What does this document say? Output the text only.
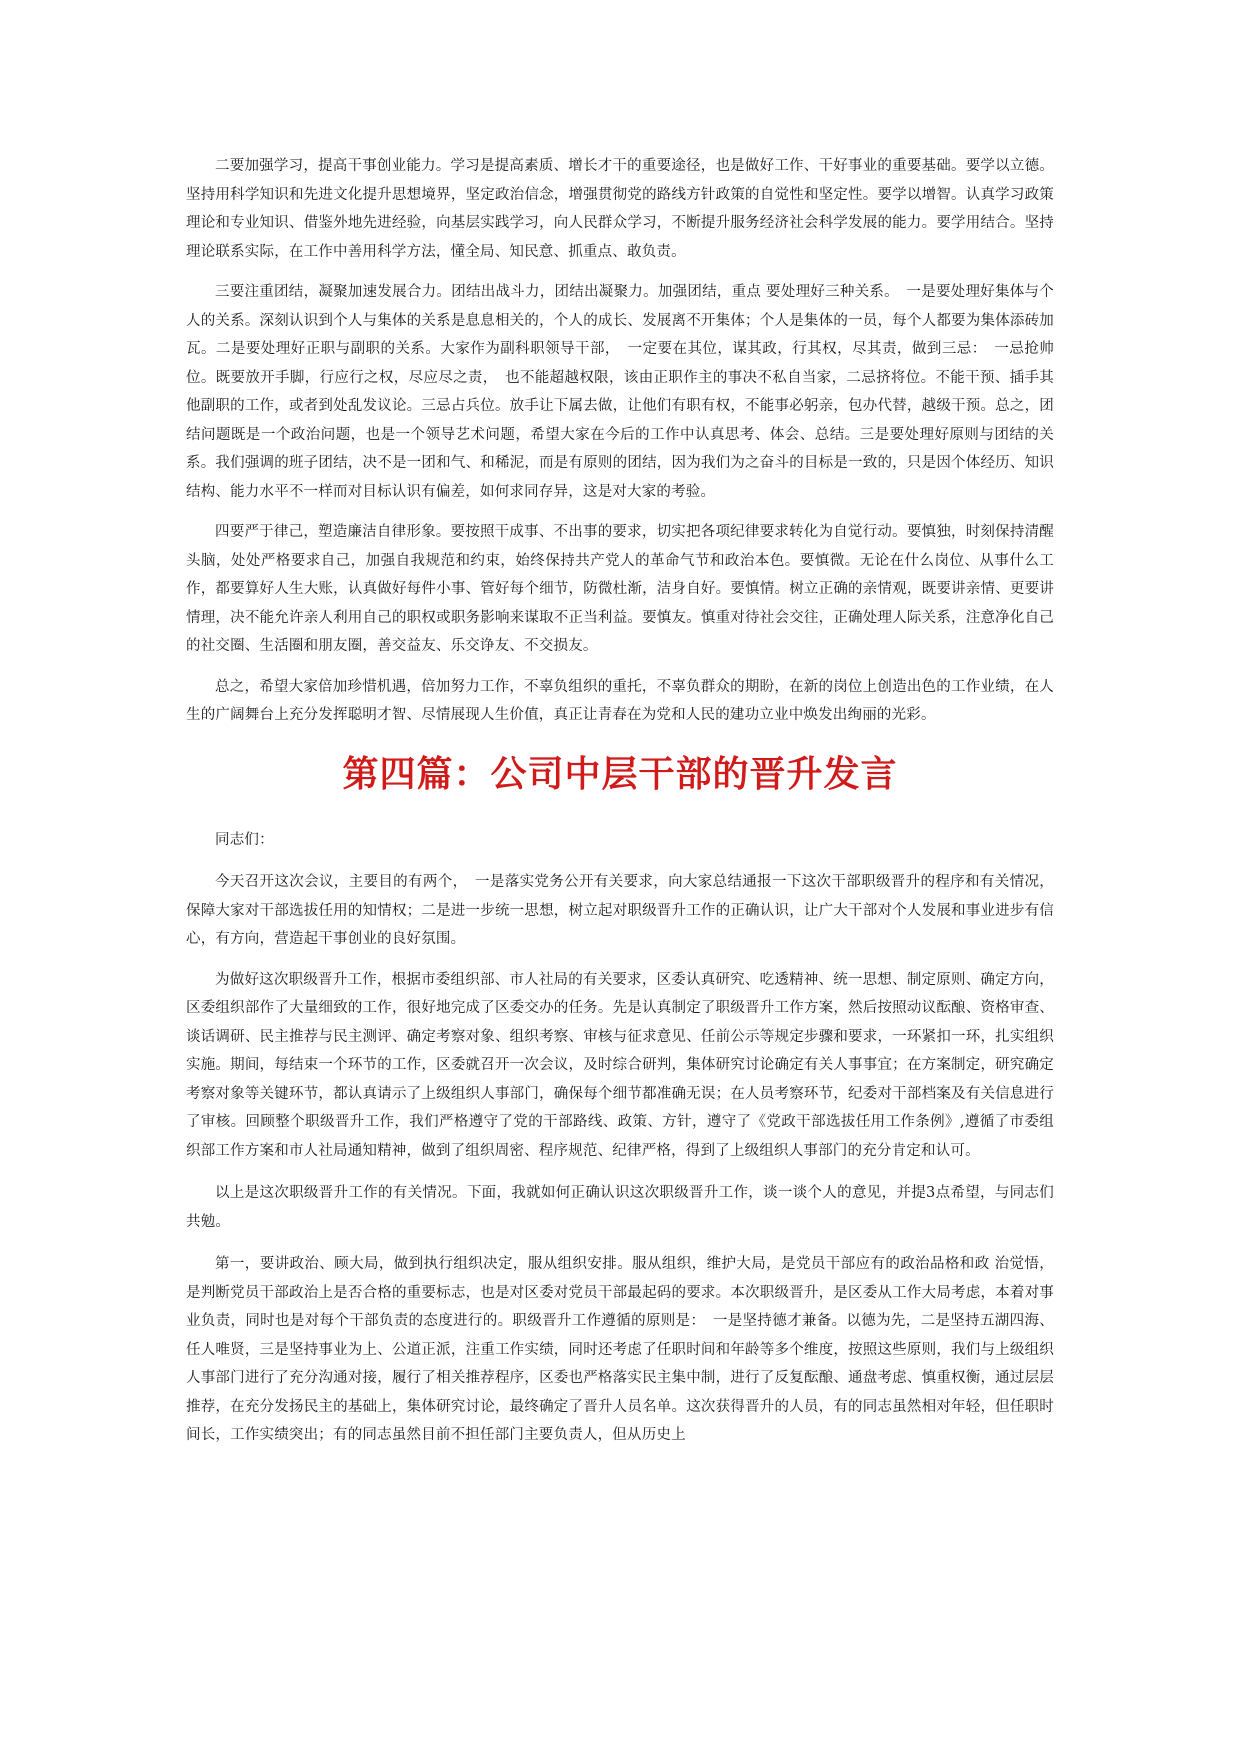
二要加强学习，提高干事创业能力。学习是提高素质、增长才干的重要途径，也是做好工作、干好事业的重要基础。要学以立德。坚持用科学知识和先进文化提升思想境界，坚定政治信念，增强贯彻党的路线方针政策的自觉性和坚定性。要学以增智。认真学习政策理论和专业知识、借鉴外地先进经验，向基层实践学习，向人民群众学习，不断提升服务经济社会科学发展的能力。要学用结合。坚持理论联系实际，在工作中善用科学方法，懂全局、知民意、抓重点、敢负责。

三要注重团结，凝聚加速发展合力。团结出战斗力，团结出凝聚力。加强团结，重点 要处理好三种关系。　一是要处理好集体与个人的关系。深刻认识到个人与集体的关系是息息相关的，个人的成长、发展离不开集体；个人是集体的一员，每个人都要为集体添砖加瓦。二是要处理好正职与副职的关系。大家作为副科职领导干部，　一定要在其位，谋其政，行其权，尽其责，做到三忌：　一忌抢帅位。既要放开手脚，行应行之权，尽应尽之责，　也不能超越权限，该由正职作主的事决不私自当家，二忌挤将位。不能干预、插手其他副职的工作，或者到处乱发议论。三忌占兵位。放手让下属去做，让他们有职有权，不能事必躬亲，包办代替，越级干预。总之，团结问题既是一个政治问题，也是一个领导艺术问题，希望大家在今后的工作中认真思考、体会、总结。三是要处理好原则与团结的关系。我们强调的班子团结，决不是一团和气、和稀泥，而是有原则的团结，因为我们为之奋斗的目标是一致的，只是因个体经历、知识结构、能力水平不一样而对目标认识有偏差，如何求同存异，这是对大家的考验。

四要严于律己，塑造廉洁自律形象。要按照干成事、不出事的要求，切实把各项纪律要求转化为自觉行动。要慎独，时刻保持清醒头脑，处处严格要求自己，加强自我规范和约束，始终保持共产党人的革命气节和政治本色。要慎微。无论在什么岗位、从事什么工作，都要算好人生大账，认真做好每件小事、管好每个细节，防微杜渐，洁身自好。要慎情。树立正确的亲情观，既要讲亲情、更要讲情理，决不能允许亲人利用自己的职权或职务影响来谋取不正当利益。要慎友。慎重对待社会交往，正确处理人际关系，注意净化自己的社交圈、生活圈和朋友圈，善交益友、乐交诤友、不交损友。

总之，希望大家倍加珍惜机遇，倍加努力工作，不辜负组织的重托，不辜负群众的期盼，在新的岗位上创造出色的工作业绩，在人生的广阔舞台上充分发挥聪明才智、尽情展现人生价值，真正让青春在为党和人民的建功立业中焕发出绚丽的光彩。

第四篇：公司中层干部的晋升发言

同志们：

今天召开这次会议，主要目的有两个，　一是落实党务公开有关要求，向大家总结通报一下这次干部职级晋升的程序和有关情况，保障大家对干部选拔任用的知情权；二是进一步统一思想，树立起对职级晋升工作的正确认识，让广大干部对个人发展和事业进步有信心，有方向，营造起干事创业的良好氛围。

为做好这次职级晋升工作，根据市委组织部、市人社局的有关要求，区委认真研究、吃透精神、统一思想、制定原则、确定方向，区委组织部作了大量细致的工作，很好地完成了区委交办的任务。先是认真制定了职级晋升工作方案，然后按照动议酝酿、资格审查、谈话调研、民主推荐与民主测评、确定考察对象、组织考察、审核与征求意见、任前公示等规定步骤和要求，一环紧扣一环，扎实组织实施。期间，每结束一个环节的工作，区委就召开一次会议，及时综合研判，集体研究讨论确定有关人事事宜；在方案制定，研究确定考察对象等关键环节，都认真请示了上级组织人事部门，确保每个细节都准确无误；在人员考察环节，纪委对干部档案及有关信息进行了审核。回顾整个职级晋升工作，我们严格遵守了党的干部路线、政策、方针，遵守了《党政干部选拔任用工作条例》,遵循了市委组织部工作方案和市人社局通知精神，做到了组织周密、程序规范、纪律严格，得到了上级组织人事部门的充分肯定和认可。

以上是这次职级晋升工作的有关情况。下面，我就如何正确认识这次职级晋升工作，谈一谈个人的意见，并提3点希望，与同志们共勉。

第一，要讲政治、顾大局，做到执行组织决定，服从组织安排。服从组织，维护大局，是党员干部应有的政治品格和政 治觉悟，是判断党员干部政治上是否合格的重要标志，也是对区委对党员干部最起码的要求。本次职级晋升，是区委从工作大局考虑，本着对事业负责，同时也是对每个干部负责的态度进行的。职级晋升工作遵循的原则是：　一是坚持德才兼备。以德为先，二是坚持五湖四海、任人唯贤，三是坚持事业为上、公道正派，注重工作实绩，同时还考虑了任职时间和年龄等多个维度，按照这些原则，我们与上级组织人事部门进行了充分沟通对接，履行了相关推荐程序，区委也严格落实民主集中制，进行了反复酝酿、通盘考虑、慎重权衡，通过层层推荐，在充分发扬民主的基础上，集体研究讨论，最终确定了晋升人员名单。这次获得晋升的人员，有的同志虽然相对年轻，但任职时间长，工作实绩突出；有的同志虽然目前不担任部门主要负责人，但从历史上
